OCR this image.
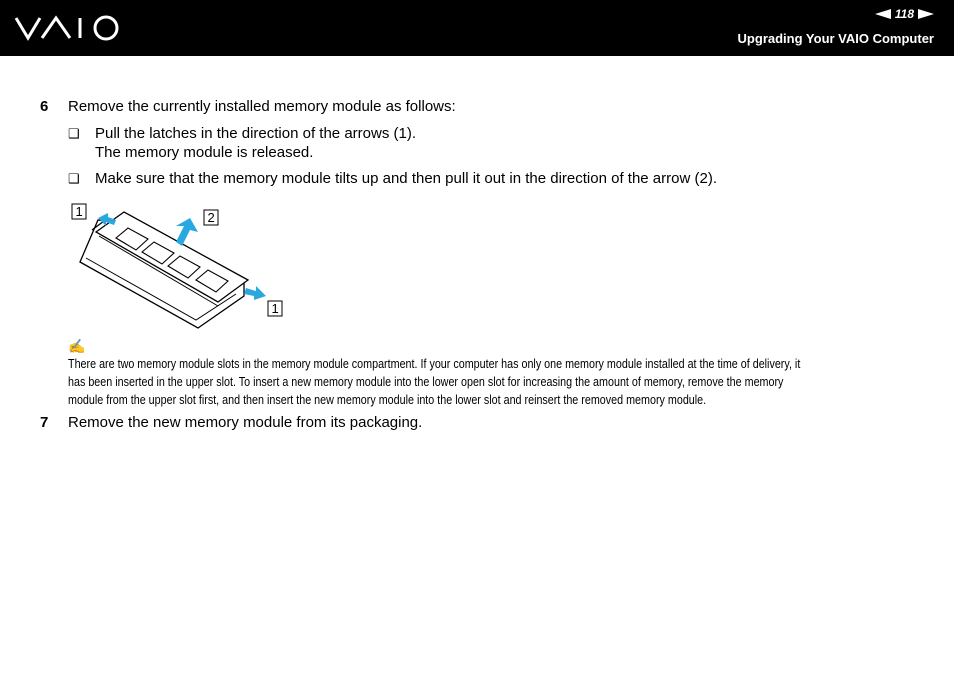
118
Upgrading Your VAIO Computer
6	Remove the currently installed memory module as follows:
❑	Pull the latches in the direction of the arrows (1).
The memory module is released.
❑	Make sure that the memory module tilts up and then pull it out in the direction of the arrow (2).
1	2
1
✍
There are two memory module slots in the memory module compartment. If your computer has only one memory module installed at the time of delivery, it has been inserted in the upper slot. To insert a new memory module into the lower open slot for increasing the amount of memory, remove the memory module from the upper slot first, and then insert the new memory module into the lower slot and reinsert the removed memory module.
7	Remove the new memory module from its packaging.
